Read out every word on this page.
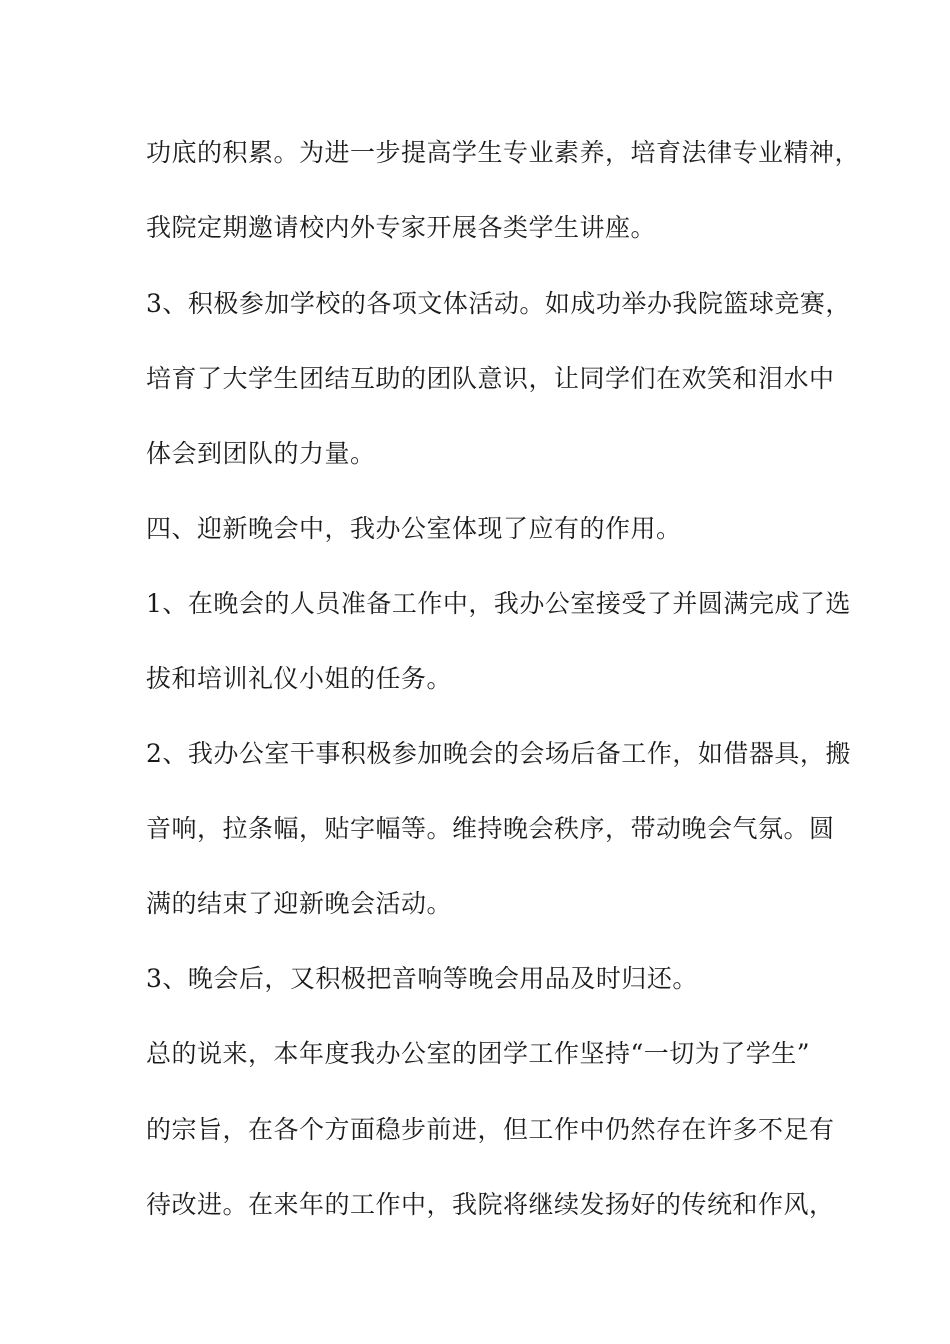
功底的积累。为进一步提高学生专业素养，培育法律专业精神，
我院定期邀请校内外专家开展各类学生讲座。
3、积极参加学校的各项文体活动。如成功举办我院篮球竞赛，
培育了大学生团结互助的团队意识，让同学们在欢笑和泪水中
体会到团队的力量。
四、迎新晚会中，我办公室体现了应有的作用。
1、在晚会的人员准备工作中，我办公室接受了并圆满完成了选
拔和培训礼仪小姐的任务。
2、我办公室干事积极参加晚会的会场后备工作，如借器具，搬
音响，拉条幅，贴字幅等。维持晚会秩序，带动晚会气氛。圆
满的结束了迎新晚会活动。
3、晚会后，又积极把音响等晚会用品及时归还。
总的说来，本年度我办公室的团学工作坚持“一切为了学生”
的宗旨，在各个方面稳步前进，但工作中仍然存在许多不足有
待改进。在来年的工作中，我院将继续发扬好的传统和作风，
